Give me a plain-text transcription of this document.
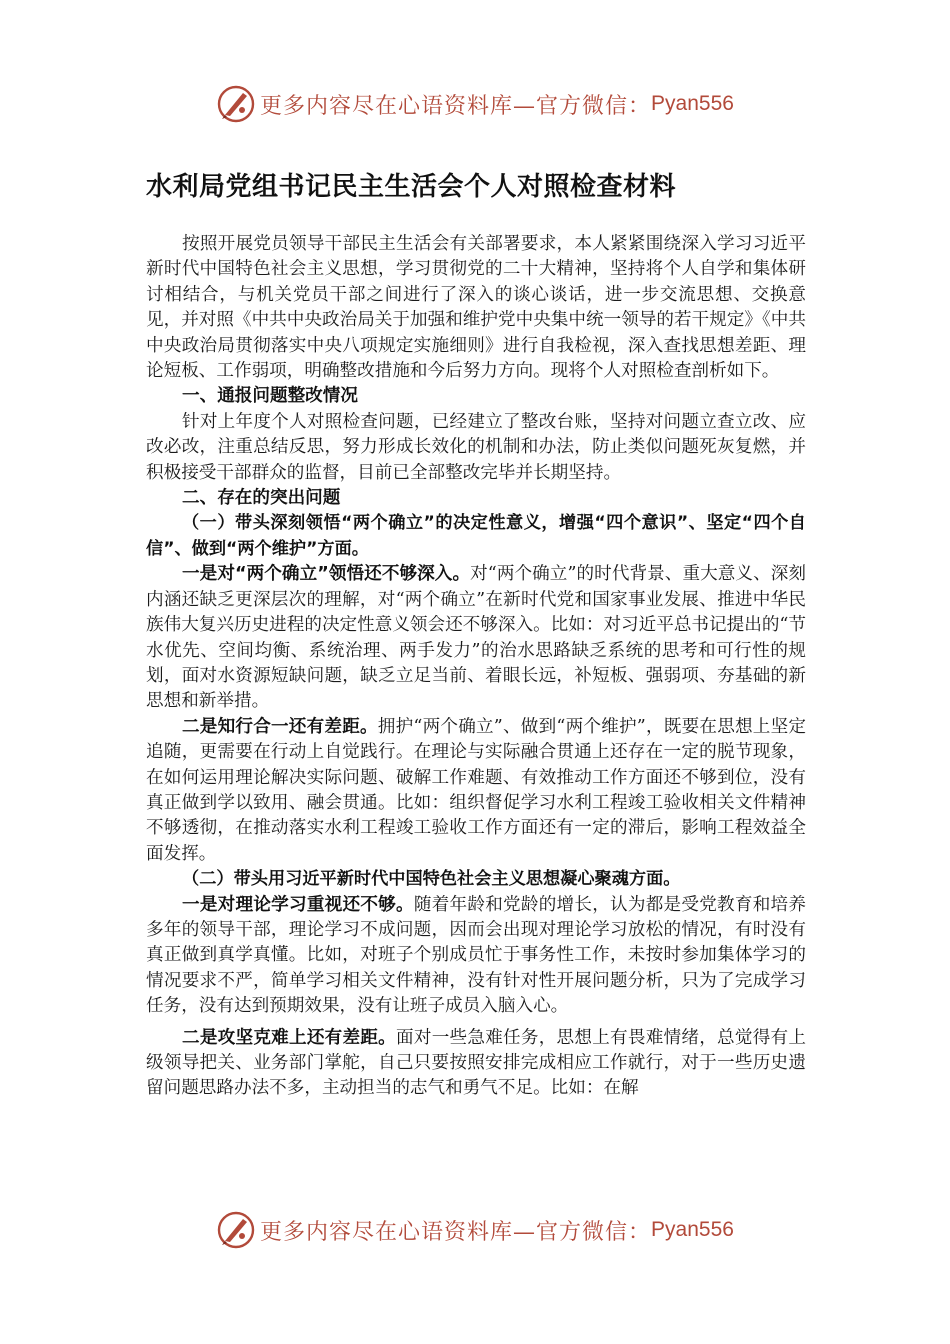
更多内容尽在心语资料库—官方微信： Pyan556
水利局党组书记民主生活会个人对照检查材料

按照开展党员领导干部民主生活会有关部署要求，本人紧紧围绕深入学习习近平新时代中国特色社会主义思想，学习贯彻党的二十大精神，坚持将个人自学和集体研讨相结合，与机关党员干部之间进行了深入的谈心谈话，进一步交流思想、交换意见，并对照《中共中央政治局关于加强和维护党中央集中统一领导的若干规定》《中共中央政治局贯彻落实中央八项规定实施细则》进行自我检视，深入查找思想差距、理论短板、工作弱项，明确整改措施和今后努力方向。现将个人对照检查剖析如下。

一、通报问题整改情况

针对上年度个人对照检查问题，已经建立了整改台账，坚持对问题立查立改、应改必改，注重总结反思，努力形成长效化的机制和办法，防止类似问题死灰复燃，并积极接受干部群众的监督，目前已全部整改完毕并长期坚持。

二、存在的突出问题

（一）带头深刻领悟“两个确立”的决定性意义，增强“四个意识”、坚定“四个自信”、做到“两个维护”方面。

一是对“两个确立”领悟还不够深入。对“两个确立”的时代背景、重大意义、深刻内涵还缺乏更深层次的理解，对“两个确立”在新时代党和国家事业发展、推进中华民族伟大复兴历史进程的决定性意义领会还不够深入。比如：对习近平总书记提出的“节水优先、空间均衡、系统治理、两手发力”的治水思路缺乏系统的思考和可行性的规划，面对水资源短缺问题，缺乏立足当前、着眼长远，补短板、强弱项、夯基础的新思想和新举措。

二是知行合一还有差距。拥护“两个确立”、做到“两个维护”，既要在思想上坚定追随，更需要在行动上自觉践行。在理论与实际融合贯通上还存在一定的脱节现象，在如何运用理论解决实际问题、破解工作难题、有效推动工作方面还不够到位，没有真正做到学以致用、融会贯通。比如：组织督促学习水利工程竣工验收相关文件精神不够透彻，在推动落实水利工程竣工验收工作方面还有一定的滞后，影响工程效益全面发挥。

（二）带头用习近平新时代中国特色社会主义思想凝心聚魂方面。

一是对理论学习重视还不够。随着年龄和党龄的增长，认为都是受党教育和培养多年的领导干部，理论学习不成问题，因而会出现对理论学习放松的情况，有时没有真正做到真学真懂。比如，对班子个别成员忙于事务性工作，未按时参加集体学习的情况要求不严，简单学习相关文件精神，没有针对性开展问题分析，只为了完成学习任务，没有达到预期效果，没有让班子成员入脑入心。

二是攻坚克难上还有差距。面对一些急难任务，思想上有畏难情绪，总觉得有上级领导把关、业务部门掌舵，自己只要按照安排完成相应工作就行，对于一些历史遗留问题思路办法不多，主动担当的志气和勇气不足。比如：在解

更多内容尽在心语资料库—官方微信： Pyan556
